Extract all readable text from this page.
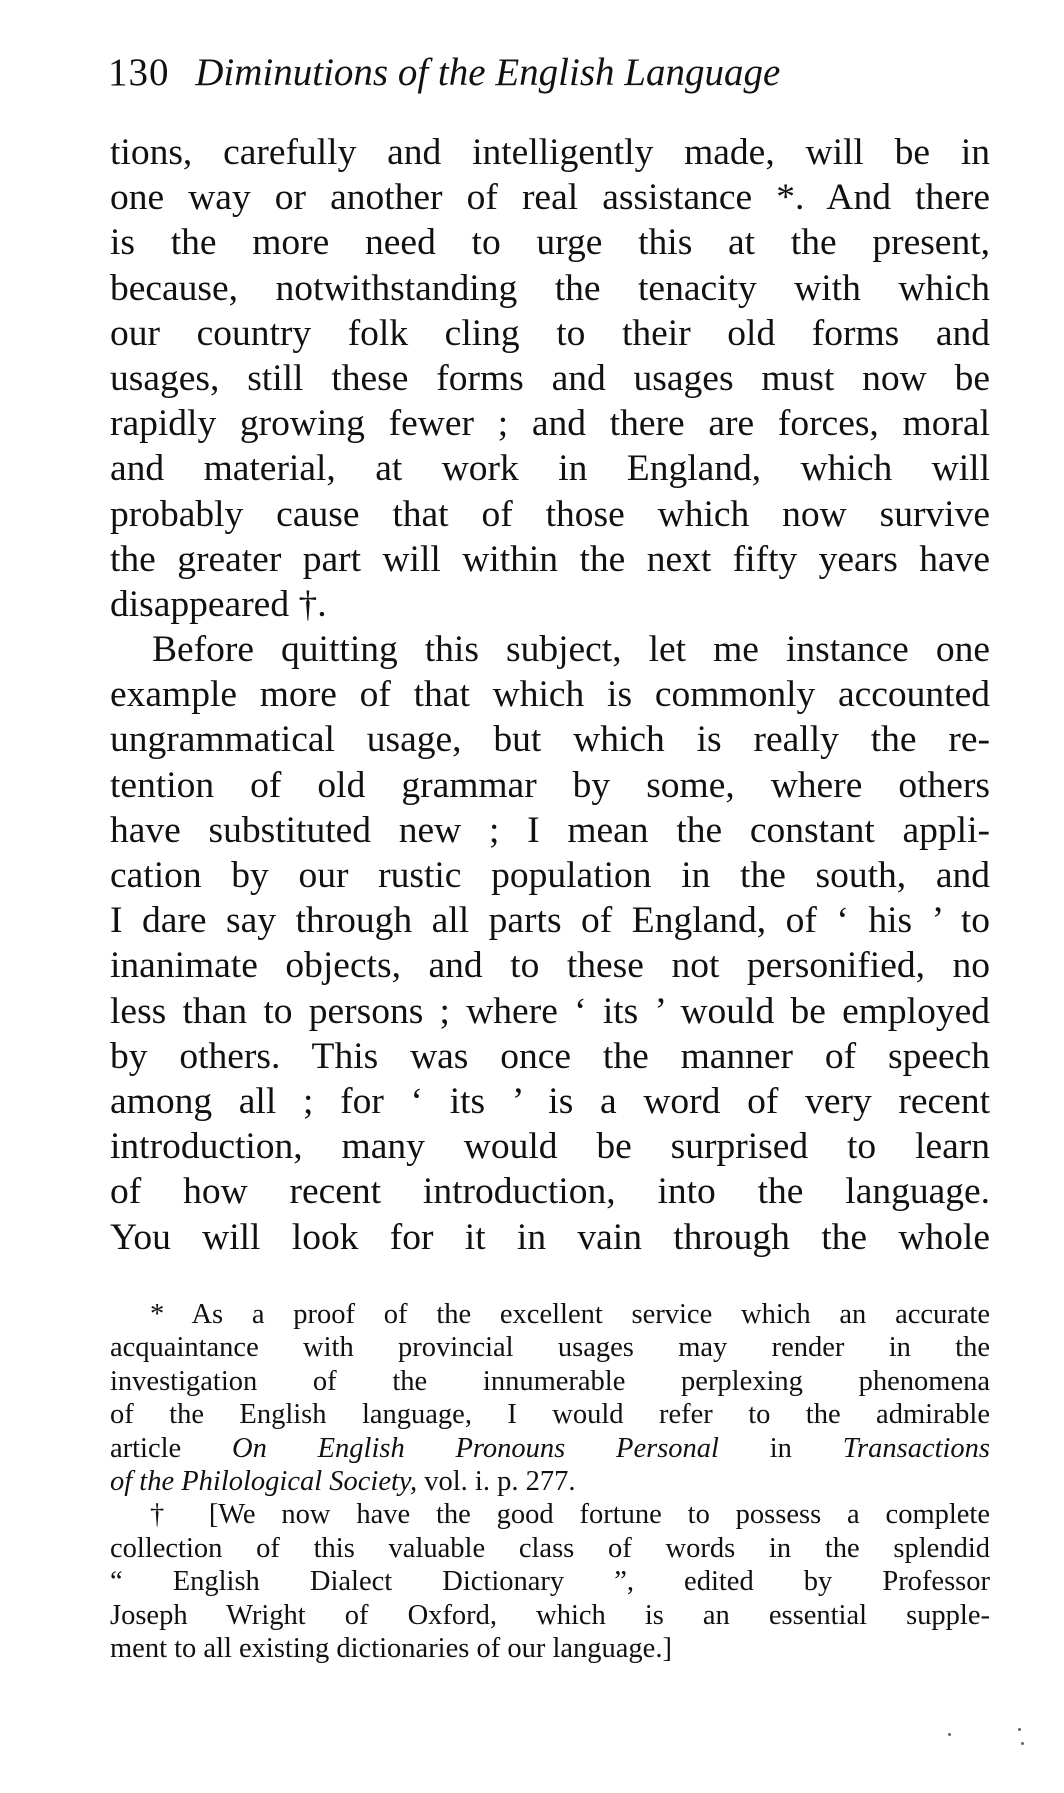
130 Diminutions of the English Language
tions, carefully and intelligently made, will be in
one way or another of real assistance *. And there
is the more need to urge this at the present,
because, notwithstanding the tenacity with which
our country folk cling to their old forms and
usages, still these forms and usages must now be
rapidly growing fewer ; and there are forces, moral
and material, at work in England, which will
probably cause that of those which now survive
the greater part will within the next fifty years have
disappeared †.
Before quitting this subject, let me instance one
example more of that which is commonly accounted
ungrammatical usage, but which is really the re-
tention of old grammar by some, where others
have substituted new ; I mean the constant appli-
cation by our rustic population in the south, and
I dare say through all parts of England, of ‘ his ’ to
inanimate objects, and to these not personified, no
less than to persons ; where ‘ its ’ would be employed
by others. This was once the manner of speech
among all ; for ‘ its ’ is a word of very recent
introduction, many would be surprised to learn
of how recent introduction, into the language.
You will look for it in vain through the whole
* As a proof of the excellent service which an accurate
acquaintance with provincial usages may render in the
investigation of the innumerable perplexing phenomena
of the English language, I would refer to the admirable
article On English Pronouns Personal in Transactions
of the Philological Society, vol. i. p. 277.
† [We now have the good fortune to possess a complete
collection of this valuable class of words in the splendid
“ English Dialect Dictionary ”, edited by Professor
Joseph Wright of Oxford, which is an essential supple-
ment to all existing dictionaries of our language.]
